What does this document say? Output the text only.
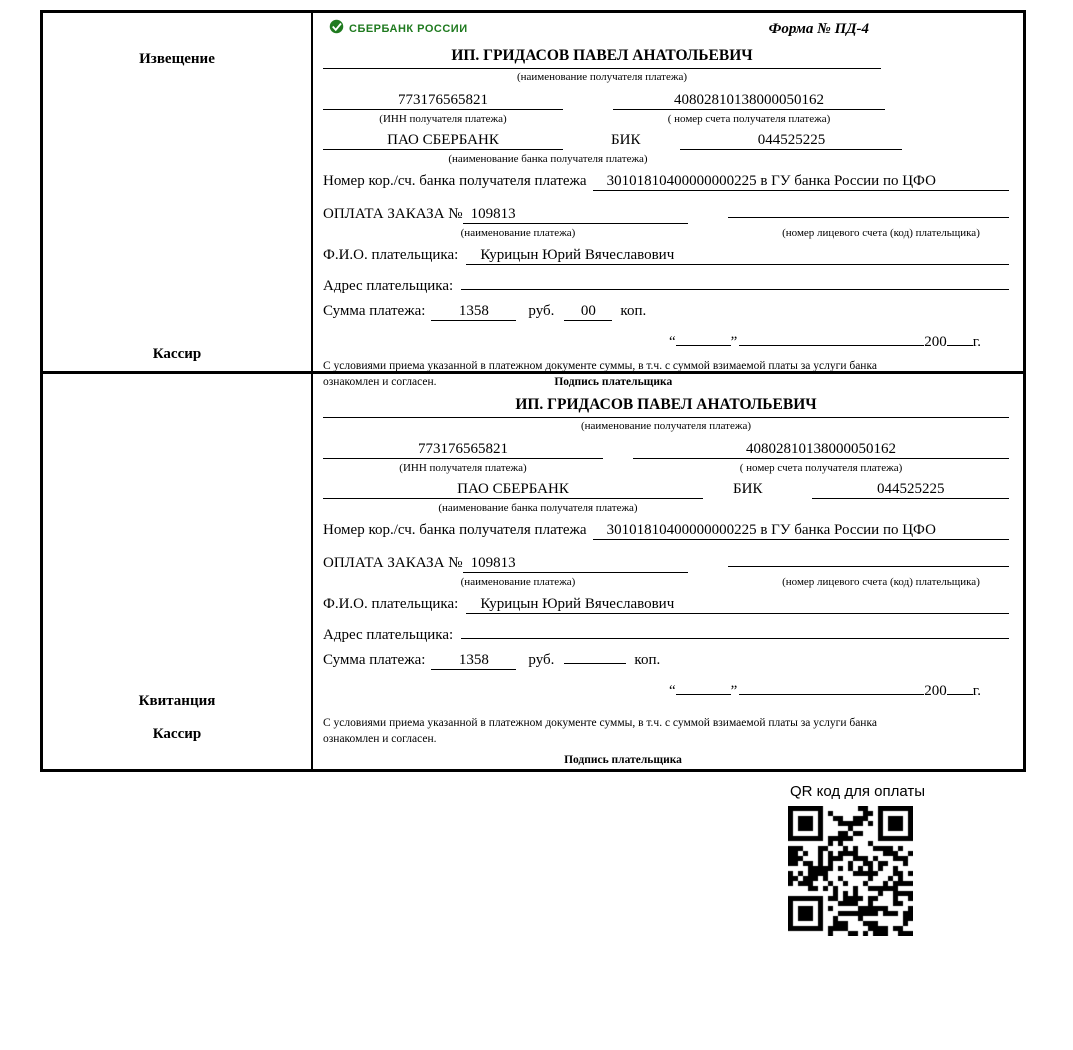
Извещение
Кассир
СБЕРБАНК РОССИИ	Форма № ПД-4
ИП. ГРИДАСОВ ПАВЕЛ АНАТОЛЬЕВИЧ
(наименование получателя платежа)
773176565821	40802810138000050162
(ИНН получателя платежа)	( номер счета получателя платежа)
ПАО СБЕРБАНК	БИК	044525225
(наименование банка получателя платежа)
Номер кор./сч. банка получателя платежа	30101810400000000225 в ГУ банка России по ЦФО
ОПЛАТА ЗАКАЗА № 109813
(наименование платежа)	(номер лицевого счета (код) плательщика)
Ф.И.О. плательщика:	Курицын Юрий Вячеславович
Адрес плательщика:
Сумма платежа:	1358	руб.	00	коп.
“	”	200 г.
С условиями приема указанной в платежном документе суммы, в т.ч. с суммой взимаемой платы за услуги банка
ознакомлен и согласен.	Подпись плательщика
Квитанция
Кассир
ИП. ГРИДАСОВ ПАВЕЛ АНАТОЛЬЕВИЧ
(наименование получателя платежа)
773176565821	40802810138000050162
(ИНН получателя платежа)	( номер счета получателя платежа)
ПАО СБЕРБАНК	БИК	044525225
(наименование банка получателя платежа)
Номер кор./сч. банка получателя платежа	30101810400000000225 в ГУ банка России по ЦФО
ОПЛАТА ЗАКАЗА № 109813
(наименование платежа)	(номер лицевого счета (код) плательщика)
Ф.И.О. плательщика:	Курицын Юрий Вячеславович
Адрес плательщика:
Сумма платежа:	1358	руб.	коп.
“	”	200 г.
С условиями приема указанной в платежном документе суммы, в т.ч. с суммой взимаемой платы за услуги банка
ознакомлен и согласен.
Подпись плательщика
QR код для оплаты
